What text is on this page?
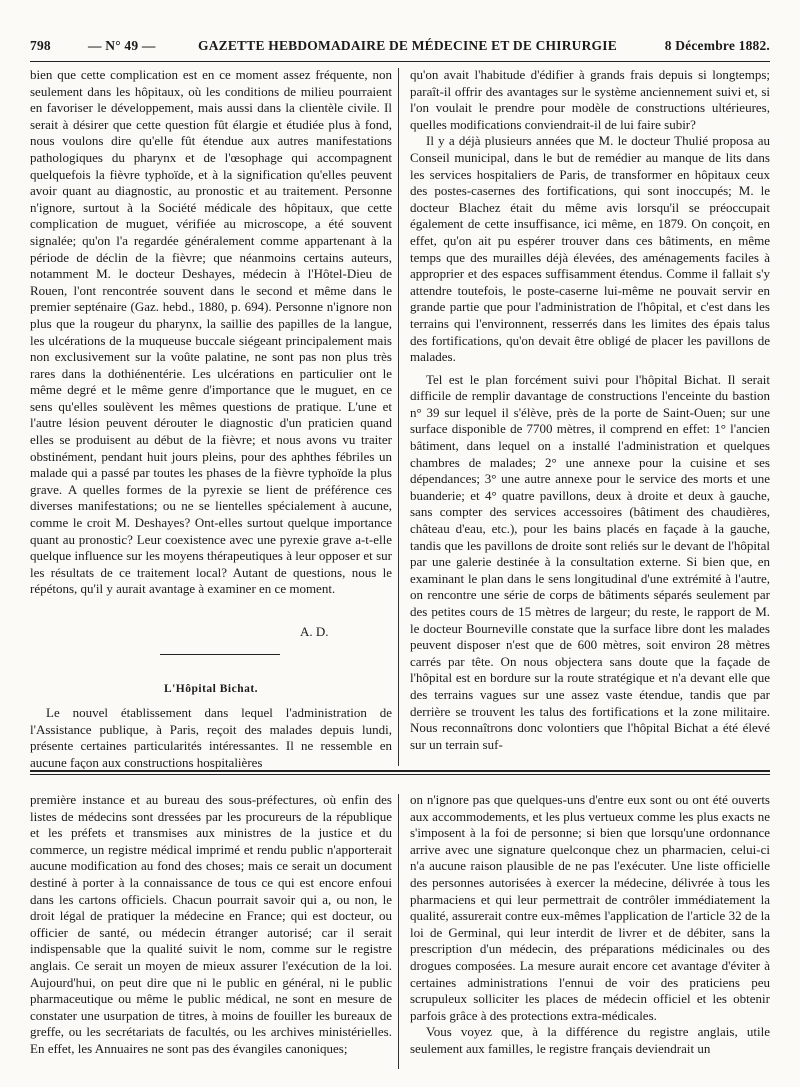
798	— N° 49 —	GAZETTE HEBDOMADAIRE DE MÉDECINE ET DE CHIRURGIE	8 Décembre 1882.

bien que cette complication est en ce moment assez fréquente, non seulement dans les hôpitaux, où les conditions de milieu pourraient en favoriser le développement, mais aussi dans la clientèle civile. Il serait à désirer que cette question fût élargie et étudiée plus à fond, nous voulons dire qu'elle fût étendue aux autres manifestations pathologiques du pharynx et de l'œsophage qui accompagnent quelquefois la fièvre typhoïde, et à la signification qu'elles peuvent avoir quant au diagnostic, au pronostic et au traitement. Personne n'ignore, surtout à la Société médicale des hôpitaux, que cette complication de muguet, vérifiée au microscope, a été souvent signalée; qu'on l'a regardée généralement comme appartenant à la période de déclin de la fièvre; que néanmoins certains auteurs, notamment M. le docteur Deshayes, médecin à l'Hôtel-Dieu de Rouen, l'ont rencontrée souvent dans le second et même dans le premier septénaire (Gaz. hebd., 1880, p. 694). Personne n'ignore non plus que la rougeur du pharynx, la saillie des papilles de la langue, les ulcérations de la muqueuse buccale siégeant principalement mais non exclusivement sur la voûte palatine, ne sont pas non plus très rares dans la dothiénentérie. Les ulcérations en particulier ont le même degré et le même genre d'importance que le muguet, en ce sens qu'elles soulèvent les mêmes questions de pratique. L'une et l'autre lésion peuvent dérouter le diagnostic d'un praticien quand elles se produisent au début de la fièvre; et nous avons vu traiter obstinément, pendant huit jours pleins, pour des aphthes fébriles un malade qui a passé par toutes les phases de la fièvre typhoïde la plus grave. A quelles formes de la pyrexie se lient de préférence ces diverses manifestations; ou ne se lientelles spécialement à aucune, comme le croit M. Deshayes? Ont-elles surtout quelque importance quant au pronostic? Leur coexistence avec une pyrexie grave a-t-elle quelque influence sur les moyens thérapeutiques à leur opposer et sur les résultats de ce traitement local? Autant de questions, nous le répétons, qu'il y aurait avantage à examiner en ce moment.

A. D.
L'Hôpital Bichat.

Le nouvel établissement dans lequel l'administration de l'Assistance publique, à Paris, reçoit des malades depuis lundi, présente certaines particularités intéressantes. Il ne ressemble en aucune façon aux constructions hospitalières

qu'on avait l'habitude d'édifier à grands frais depuis si longtemps; paraît-il offrir des avantages sur le système anciennement suivi et, si l'on voulait le prendre pour modèle de constructions ultérieures, quelles modifications conviendrait-il de lui faire subir?

Il y a déjà plusieurs années que M. le docteur Thulié proposa au Conseil municipal, dans le but de remédier au manque de lits dans les services hospitaliers de Paris, de transformer en hôpitaux ceux des postes-casernes des fortifications, qui sont inoccupés; M. le docteur Blachez était du même avis lorsqu'il se préoccupait également de cette insuffisance, ici même, en 1879. On conçoit, en effet, qu'on ait pu espérer trouver dans ces bâtiments, en même temps que des murailles déjà élevées, des aménagements faciles à approprier et des espaces suffisamment étendus. Comme il fallait s'y attendre toutefois, le poste-caserne lui-même ne pouvait servir en grande partie que pour l'administration de l'hôpital, et c'est dans les terrains qui l'environnent, resserrés dans les limites des épais talus des fortifications, qu'on devait être obligé de placer les pavillons de malades.

Tel est le plan forcément suivi pour l'hôpital Bichat. Il serait difficile de remplir davantage de constructions l'enceinte du bastion n° 39 sur lequel il s'élève, près de la porte de Saint-Ouen; sur une surface disponible de 7700 mètres, il comprend en effet: 1° l'ancien bâtiment, dans lequel on a installé l'administration et quelques chambres de malades; 2° une annexe pour la cuisine et ses dépendances; 3° une autre annexe pour le service des morts et une buanderie; et 4° quatre pavillons, deux à droite et deux à gauche, sans compter des services accessoires (bâtiment des chaudières, château d'eau, etc.), pour les bains placés en façade à la gauche, tandis que les pavillons de droite sont reliés sur le devant de l'hôpital par une galerie destinée à la consultation externe. Si bien que, en examinant le plan dans le sens longitudinal d'une extrémité à l'autre, on rencontre une série de corps de bâtiments séparés seulement par des petites cours de 15 mètres de largeur; du reste, le rapport de M. le docteur Bourneville constate que la surface libre dont les malades peuvent disposer n'est que de 600 mètres, soit environ 28 mètres carrés par tête. On nous objectera sans doute que la façade de l'hôpital est en bordure sur la route stratégique et n'a devant elle que des terrains vagues sur une assez vaste étendue, tandis que par derrière se trouvent les talus des fortifications et la zone militaire. Nous reconnaîtrons donc volontiers que l'hôpital Bichat a été élevé sur un terrain suf-

première instance et au bureau des sous-préfectures, où enfin des listes de médecins sont dressées par les procureurs de la république et les préfets et transmises aux ministres de la justice et du commerce, un registre médical imprimé et rendu public n'apporterait aucune modification au fond des choses; mais ce serait un document destiné à porter à la connaissance de tous ce qui est encore enfoui dans les cartons officiels. Chacun pourrait savoir qui a, ou non, le droit légal de pratiquer la médecine en France; qui est docteur, ou officier de santé, ou médecin étranger autorisé; car il serait indispensable que la qualité suivit le nom, comme sur le registre anglais. Ce serait un moyen de mieux assurer l'exécution de la loi. Aujourd'hui, on peut dire que ni le public en général, ni le public pharmaceutique ou même le public médical, ne sont en mesure de constater une usurpation de titres, à moins de fouiller les bureaux de greffe, ou les secrétariats de facultés, ou les archives ministérielles. En effet, les Annuaires ne sont pas des évangiles canoniques;

on n'ignore pas que quelques-uns d'entre eux sont ou ont été ouverts aux accommodements, et les plus vertueux comme les plus exacts ne s'imposent à la foi de personne; si bien que lorsqu'une ordonnance arrive avec une signature quelconque chez un pharmacien, celui-ci n'a aucune raison plausible de ne pas l'exécuter. Une liste officielle des personnes autorisées à exercer la médecine, délivrée à tous les pharmaciens et qui leur permettrait de contrôler immédiatement la qualité, assurerait contre eux-mêmes l'application de l'article 32 de la loi de Germinal, qui leur interdit de livrer et de débiter, sans la prescription d'un médecin, des préparations médicinales ou des drogues composées. La mesure aurait encore cet avantage d'éviter à certaines administrations l'ennui de voir des praticiens peu scrupuleux solliciter les places de médecin officiel et les obtenir parfois grâce à des protections extra-médicales.

Vous voyez que, à la différence du registre anglais, utile seulement aux familles, le registre français deviendrait un
